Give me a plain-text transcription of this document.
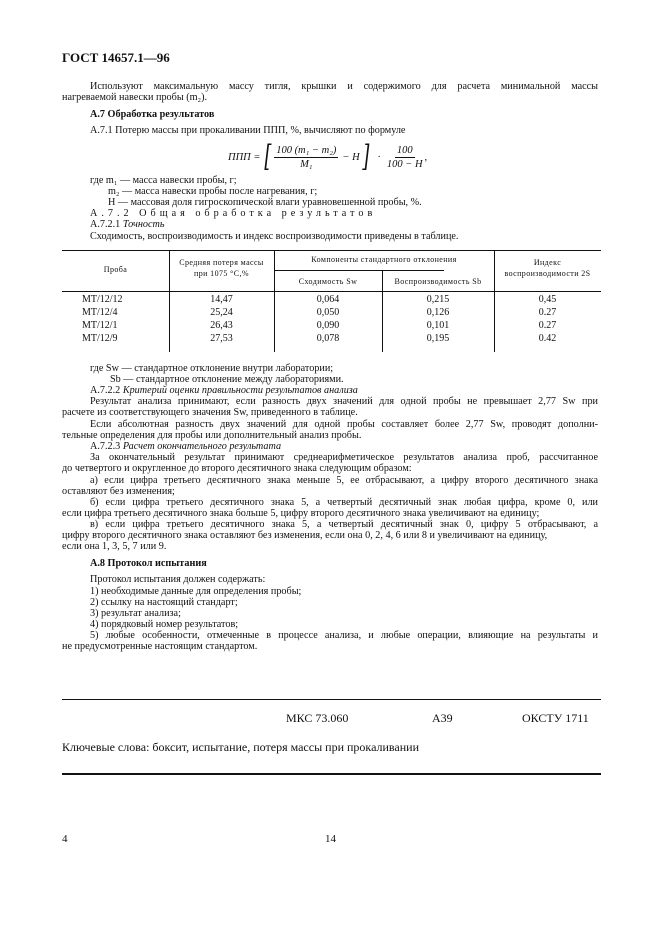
ГОСТ 14657.1—96
Используют максимальную массу тигля, крышки и содержимого для расчета минимальной массы
нагреваемой навески пробы (m₂).
А.7 Обработка результатов
А.7.1 Потерю массы при прокаливании ППП, %, вычисляют по формуле
ППП = [ $\frac{\text{100 (m₁ − m₂)}}{\text{M₁}} - H$ ] · $\frac{100}{100 - H}$ ,
где m₁ — масса навески пробы, г;
m₂ — масса навески пробы после нагревания, г;
H — массовая доля гигроскопической влаги уравновешенной пробы, %.
А.7.2 Общая обработка результатов
А.7.2.1 Точность
Сходимость, воспроизводимость и индекс воспроизводимости приведены в таблице.
Проба
Средняя потеря массы
при 1075 °С,%
Компоненты стандартного отклонения
Сходимость Sw	Воспроизводимость Sb
Индекс
воспроизводимости 2S
МТ/12/12	14,47	0,064	0,215	0,45
МТ/12/4	25,24	0,050	0,126	0.27
МТ/12/1	26,43	0,090	0,101	0.27
МТ/12/9	27,53	0,078	0,195	0.42
где Sw — стандартное отклонение внутри лаборатории;
Sb — стандартное отклонение между лабораториями.
А.7.2.2 Критерий оценки правильности результатов анализа
Результат анализа принимают, если разность двух значений для одной пробы не превышает 2,77 Sw при
расчете из соответствующего значения Sw, приведенного в таблице.
Если абсолютная разность двух значений для одной пробы составляет более 2,77 Sw, проводят дополни-
тельные определения для пробы или дополнительный анализ пробы.
А.7.2.3 Расчет окончательного результата
За окончательный результат принимают среднеарифметическое результатов анализа проб, рассчитанное
до четвертого и округленное до второго десятичного знака следующим образом:
а) если цифра третьего десятичного знака меньше 5, ее отбрасывают, а цифру второго десятичного знака
оставляют без изменения;
б) если цифра третьего десятичного знака 5, а четвертый десятичный знак любая цифра, кроме 0, или
если цифра третьего десятичного знака больше 5, цифру второго десятичного знака увеличивают на единицу;
в) если цифра третьего десятичного знака 5, а четвертый десятичный знак 0, цифру 5 отбрасывают, а
цифру второго десятичного знака оставляют без изменения, если она 0, 2, 4, 6 или 8 и увеличивают на единицу,
если она 1, 3, 5, 7 или 9.
А.8 Протокол испытания
Протокол испытания должен содержать:
1) необходимые данные для определения пробы;
2) ссылку на настоящий стандарт;
3) результат анализа;
4) порядковый номер результатов;
5) любые особенности, отмеченные в процессе анализа, и любые операции, влияющие на результаты и
не предусмотренные настоящим стандартом.
МКС 73.060	А39	ОКСТУ 1711
Ключевые слова: боксит, испытание, потеря массы при прокаливании
4	14
